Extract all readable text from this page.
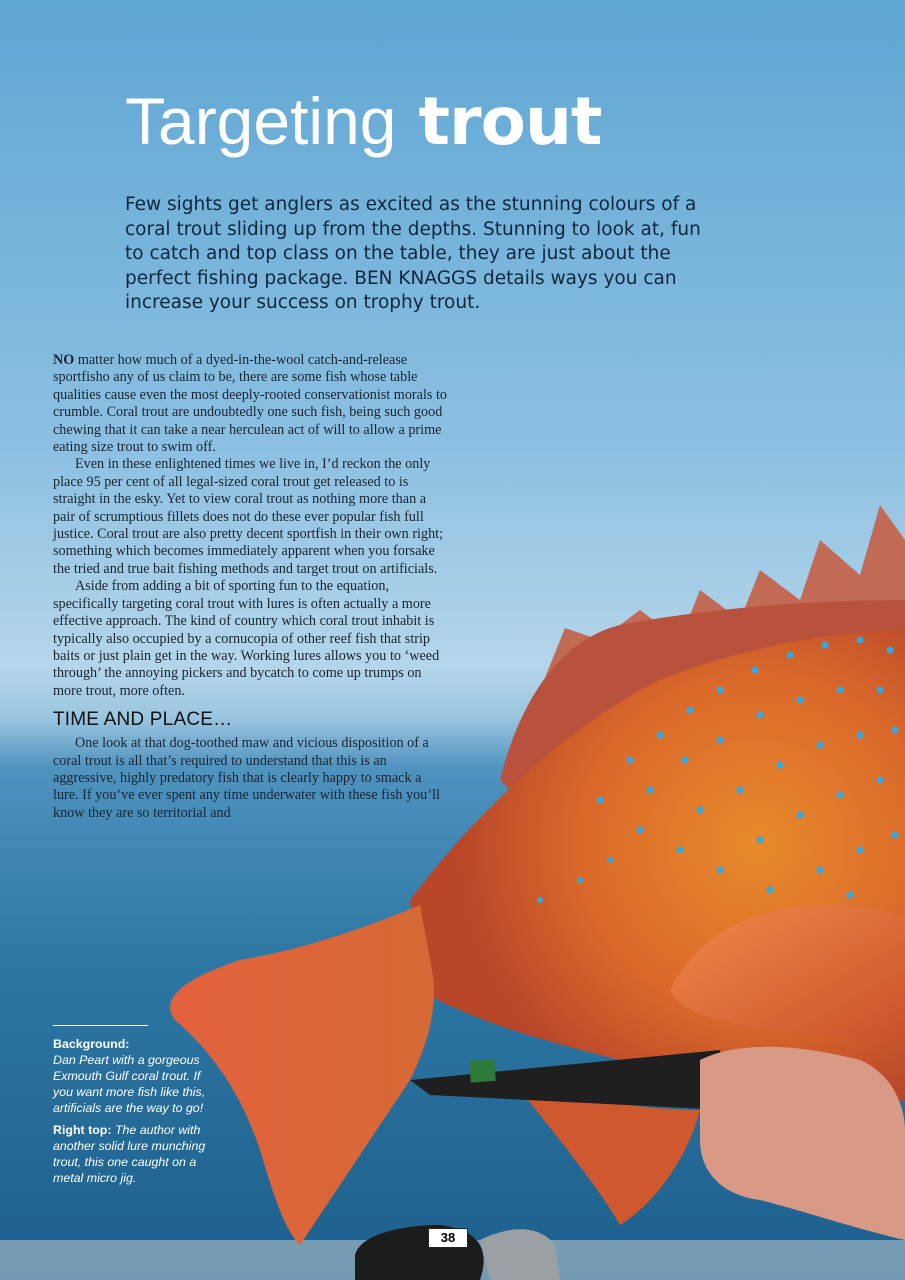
Targeting trout

Few sights get anglers as excited as the stunning colours of a coral trout sliding up from the depths. Stunning to look at, fun to catch and top class on the table, they are just about the perfect fishing package. BEN KNAGGS details ways you can increase your success on trophy trout.

NO matter how much of a dyed-in-the-wool catch-and-release sportfisho any of us claim to be, there are some fish whose table qualities cause even the most deeply-rooted conservationist morals to crumble. Coral trout are undoubtedly one such fish, being such good chewing that it can take a near herculean act of will to allow a prime eating size trout to swim off.

Even in these enlightened times we live in, I’d reckon the only place 95 per cent of all legal-sized coral trout get released to is straight in the esky. Yet to view coral trout as nothing more than a pair of scrumptious fillets does not do these ever popular fish full justice. Coral trout are also pretty decent sportfish in their own right; something which becomes immediately apparent when you forsake the tried and true bait fishing methods and target trout on artificials.

Aside from adding a bit of sporting fun to the equation, specifically targeting coral trout with lures is often actually a more effective approach. The kind of country which coral trout inhabit is typically also occupied by a cornucopia of other reef fish that strip baits or just plain get in the way. Working lures allows you to ‘weed through’ the annoying pickers and bycatch to come up trumps on more trout, more often.

TIME AND PLACE…

One look at that dog-toothed maw and vicious disposition of a coral trout is all that’s required to understand that this is an aggressive, highly predatory fish that is clearly happy to smack a lure. If you’ve ever spent any time underwater with these fish you’ll know they are so territorial and

Background:
Dan Peart with a gorgeous Exmouth Gulf coral trout. If you want more fish like this, artificials are the way to go!

Right top: The author with another solid lure munching trout, this one caught on a metal micro jig.

38
